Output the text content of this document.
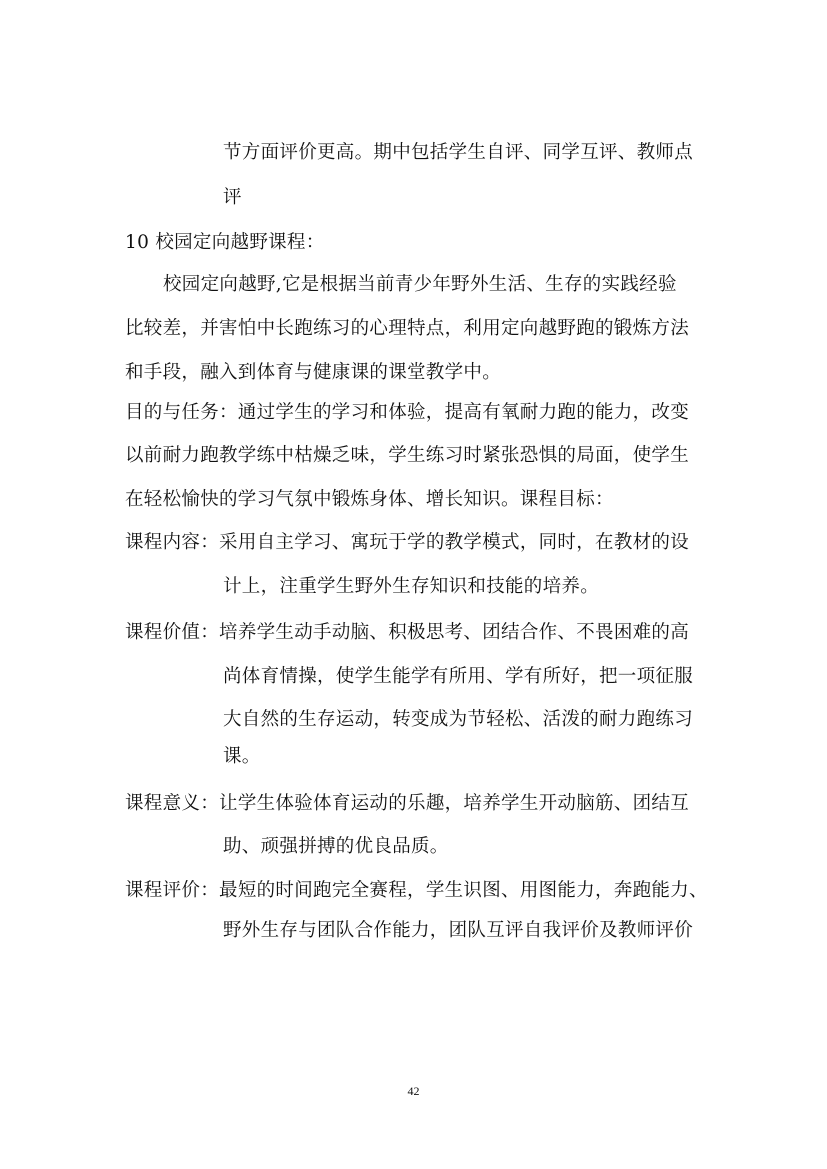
节方面评价更高。期中包括学生自评、同学互评、教师点
评
10 校园定向越野课程：
校园定向越野,它是根据当前青少年野外生活、生存的实践经验
比较差，并害怕中长跑练习的心理特点，利用定向越野跑的锻炼方法
和手段，融入到体育与健康课的课堂教学中。
目的与任务：通过学生的学习和体验，提高有氧耐力跑的能力，改变
以前耐力跑教学练中枯燥乏味，学生练习时紧张恐惧的局面，使学生
在轻松愉快的学习气氛中锻炼身体、增长知识。课程目标：
课程内容：采用自主学习、寓玩于学的教学模式，同时，在教材的设
计上，注重学生野外生存知识和技能的培养。
课程价值：培养学生动手动脑、积极思考、团结合作、不畏困难的高
尚体育情操，使学生能学有所用、学有所好，把一项征服
大自然的生存运动，转变成为节轻松、活泼的耐力跑练习
课。
课程意义：让学生体验体育运动的乐趣，培养学生开动脑筋、团结互
助、顽强拼搏的优良品质。
课程评价：最短的时间跑完全赛程，学生识图、用图能力，奔跑能力、
野外生存与团队合作能力，团队互评自我评价及教师评价
42
